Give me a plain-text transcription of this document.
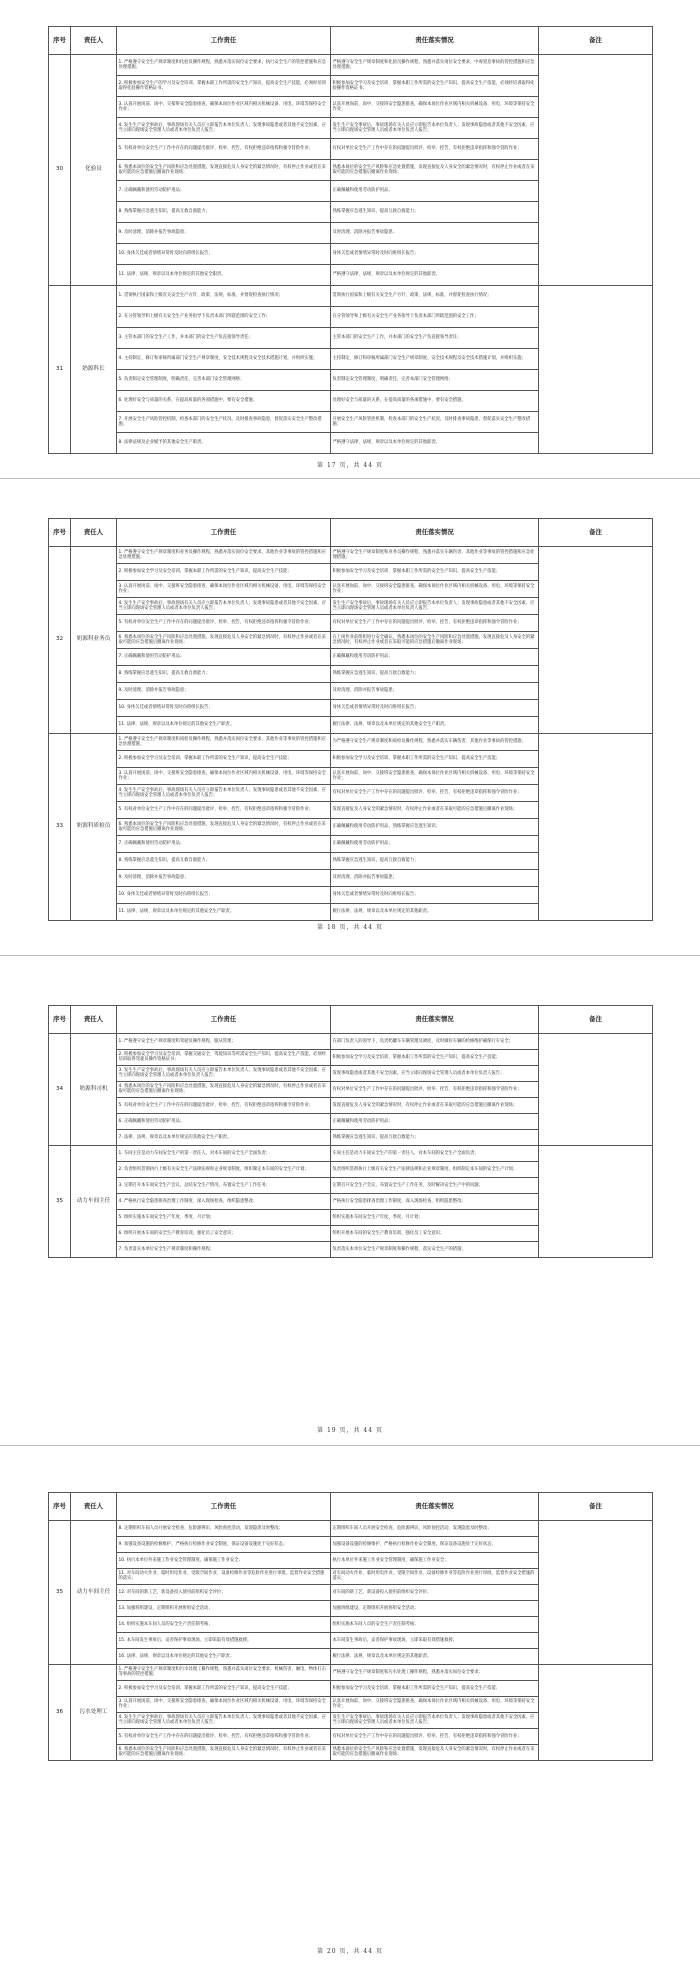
序号	责任人	工作责任	责任落实情况	备注
30	化验员	1. 严格遵守安全生产规章制度和化验员操作规程，熟悉并落实岗位安全要求，执行安全生产的管控措施和应急处理措施；	严格遵守安全生产规章制度和化验员操作规程，熟悉并落实岗位安全要求，中毒窒息事故的管控措施和应急处理措施；	
		2. 积极参加安全生产的学习及安全培训，掌握本职工作所需的安全生产知识，提高安全生产技能，必须经培训取得化验操作资格证书；	积极参加安全学习及安全培训，掌握本职工作所需的安全生产知识，提高安全生产技能，必须经培训取得化验操作资格证书；	
		3. 认真开展岗前、岗中、交接班安全隐患排查，确保本岗位作业区域内相关机械设备、用电、环境等保持安全作业；	认真开展岗前、岗中、交接班安全隐患排查，确保本岗位作业区域内相关机械设备、用电、环境等保持安全作业；	
		4. 发生生产安全事故后，事故现场有关人员应立即报告本单位负责人；发现事故隐患或者其他不安全因素，应当立即向现场安全管理人员或者本单位负责人报告；	发生生产安全事故后，事故现场有关人员应立即报告本单位负责人；发现事故隐患或者其他不安全因素，应当立即向现场安全管理人员或者本单位负责人报告；	
		5. 有权对单位安全生产工作中存在的问题提出批评、检举、控告，有权拒绝违章指挥和强令冒险作业；	有权对单位安全生产工作中存在的问题提出批评、检举、控告，有权拒绝违章指挥和强令冒险作业；	
		6. 熟悉本岗位的安全生产风险和应急处置措施，发现直接危及人身安全的紧急情况时，有权停止作业或者在采取可能的应急措施后撤离作业现场；	熟悉本岗位的安全生产风险和应急处置措施，发现直接危及人身安全的紧急情况时，有权停止作业或者在采取可能的应急措施后撤离作业现场；	
		7. 正确佩戴和使用劳动防护用品；	正确佩戴和使用劳动防护用品；	
		8. 熟练掌握应急逃生知识，提高互救自救能力；	熟练掌握应急逃生知识，提高互救自救能力；	
		9. 及时清理、消除并报告事故隐患；	及时清理、消除并报告事故隐患；	
		10. 身体欠佳或者情绪异常时及时向班组长报告；	身体欠佳或者情绪异常时及时向班组长报告；	
		11. 法律、法规、规章以及本单位规定的其他安全职责。	严格遵守法律、法规、规章以及本单位规定的其他职责。	
31	奶源科长	1. 贯彻执行国家和上级有关安全生产方针、政策、法规、标准，并督促检查执行情况；	贯彻执行国家和上级有关安全生产方针、政策、法规、标准，并督促检查执行情况；	
		2. 在分管领导和上级有关安全生产业务指导下负责本部门所辖范围的安全工作；	在分管领导和上级有关安全生产业务指导下负责本部门所辖范围的安全工作；	
		3. 主管本部门的安全生产工作，并本部门的安全生产负直接领导责任；	主管本部门的安全生产工作，并本部门的安全生产负直接领导责任；	
		4. 主持制定、修订和审核所属部门安全生产规章制度、安全技术规程及安全技术措施计划，并组织实施；	主持制定、修订和审核所属部门安全生产规章制度、安全技术规程及安全技术措施计划，并组织实施；	
		5. 负责制定安全管理制度，明确责任，完善本部门安全管理网络；	负责制定安全管理制度，明确责任，完善本部门安全管理网络；	
		6. 处理好安全与质量的关系，在提高质量的各项措施中，要有安全措施；	处理好安全与质量的关系，在提高质量的各项措施中，要有安全措施；	
		7. 开展安全生产风险管控机制，检查本部门的安全生产状况，及时排查事故隐患，督促落实安全生产整改措施；	开展安全生产风险管控机制，检查本部门的安全生产状况，及时排查事故隐患，督促落实安全生产整改措施；	
		8. 法律法规及企业赋予的其他安全生产职责。	严格遵守法律、法规、规章以及本单位规定的其他职责。	
第 17 页，共 44 页
序号	责任人	工作责任	责任落实情况	备注
32	奶源科业务员	1. 严格遵守安全生产规章制度和业务员操作规程，熟悉并落实岗位安全要求，其他作业等事故的管控措施和应急处理措施；	严格遵守安全生产规章制度和业务员操作规程，熟悉并落实车辆伤害、其他作业等事故的管控措施和应急处理措施；	
		2. 积极参加安全学习及安全培训，掌握本职工作所需的安全生产知识，提高安全生产技能；	积极参加安全学习及安全培训，掌握本职工作所需的安全生产知识，提高安全生产技能；	
		3. 认真开展岗前、岗中、交接班安全隐患排查，确保本岗位作业区域内相关机械设备、用电、环境等保持安全作业；	认真开展岗前、岗中、交接班安全隐患排查，确保本岗位作业区域内相关机械设备、用电、环境等保持安全作业；	
		4. 发生生产安全事故后，事故现场有关人员应立即报告本单位负责人；发现事故隐患或者其他不安全因素，应当立即向现场安全管理人员或者本单位负责人报告；	发生生产安全事故后，事故现场有关人员应立即报告本单位负责人；发现事故隐患或者其他不安全因素，应当立即向现场安全管理人员或者本单位负责人报告；	
		5. 有权对单位安全生产工作中存在的问题提出批评、检举、控告，有权拒绝违章指挥和强令冒险作业；	有权对单位安全生产工作中存在的问题提出批评、检举、控告，有权拒绝违章指挥和强令冒险作业；	
		6. 熟悉本岗位的安全生产风险和应急处置措施，发现直接危及人身安全的紧急情况时，有权停止作业或者在采取可能的应急措施后撤离作业现场；	在上岗作业前组织进行安全确认，熟悉本岗位的安全生产风险和应急处置措施，发现直接危及人身安全的紧急情况时，有权停止作业或者在采取可能的应急措施后撤离作业现场；	
		7. 正确佩戴和使用劳动防护用品；	正确佩戴和使用劳动防护用品；	
		8. 熟练掌握应急逃生知识，提高互救自救能力；	熟练掌握应急逃生知识，提高互救自救能力；	
		9. 及时清理、消除并报告事故隐患；	及时清理、消除并报告事故隐患；	
		10. 身体欠佳或者情绪异常时及时向班组长报告；	身体欠佳或者情绪异常时及时向班组长报告；	
		11. 法律、法规、规章以及本单位规定的其他安全生产职责。	履行法律、法规、规章以及本单位规定的其他安全生产职责。	
33	奶源科质检员	1. 严格遵守安全生产规章制度和质检员操作规程，熟悉并落实岗位安全要求，其他作业等事故的管控措施和应急处理措施；	为严格遵守安全生产规章制度和质检员操作规程，熟悉并落实车辆伤害、其他作业等事故的管控措施；	
		2. 积极参加安全学习及安全培训，掌握本职工作所需的安全生产知识，提高安全生产技能；	积极参加安全学习及安全培训，掌握本职工作所需的安全生产知识，提高安全生产技能；	
		3. 认真开展岗前、岗中、交接班安全隐患排查，确保本岗位作业区域内相关机械设备、用电、环境等保持安全作业；	认真开展岗前、岗中、交接班安全隐患排查，确保本岗位作业区域内相关机械设备、用电、环境等保持安全作业；	
		4. 发生生产安全事故后，事故现场有关人员应立即报告本单位负责人；发现事故隐患或者其他不安全因素，应当立即向现场安全管理人员或者本单位负责人报告；	有权对单位安全生产工作中存在的问题提出批评、检举、控告，有权拒绝违章指挥和强令冒险作业；	
		5. 有权对单位安全生产工作中存在的问题提出批评、检举、控告，有权拒绝违章指挥和强令冒险作业；	发现直接危及人身安全的紧急情况时，有权停止作业或者在采取可能的应急措施后撤离作业现场；	
		6. 熟悉本岗位的安全生产风险和应急处置措施，发现直接危及人身安全的紧急情况时，有权停止作业或者在采取可能的应急措施后撤离作业现场；	正确佩戴和使用劳动防护用品，熟练掌握应急逃生知识；	
		7. 正确佩戴和使用劳动防护用品；	正确佩戴和使用劳动防护用品；	
		8. 熟练掌握应急逃生知识，提高互救自救能力；	熟练掌握应急逃生知识，提高互救自救能力；	
		9. 及时清理、消除并报告事故隐患；	及时清理、消除并报告事故隐患；	
		10. 身体欠佳或者情绪异常时及时向班组长报告；	身体欠佳或者情绪异常时及时向班组长报告；	
		11. 法律、法规、规章以及本单位规定的其他安全生产职责。	履行法律、法规、规章以及本单位规定的其他职责。	
第 18 页，共 44 页
序号	责任人	工作责任	责任落实情况	备注
34	奶源科司机	1. 严格遵守安全生产规章制度和驾驶员操作规程，服从管理；	在部门负责人的领导下，负责奶罐车车辆管理及调度，及时做好车辆的检修维护确保行车安全；	
		2. 积极参加安全学习及安全培训，掌握交通安全、驾驶知识等所需安全生产知识，提高安全生产技能，必须经培训取得驾驶员操作资格证书；	积极参加安全学习及安全培训，掌握本职工作所需的安全生产知识，提高安全生产技能；	
		3. 发生生产安全事故后，事故现场有关人员应立即报告本单位负责人；发现事故隐患或者其他不安全因素，应当立即向现场安全管理人员或者本单位负责人报告；	发现事故隐患或者其他不安全因素，应当立即向现场安全管理人员或者本单位负责人报告；	
		4. 熟悉本岗位的安全生产风险和应急处置措施，发现直接危及人身安全的紧急情况时，有权停止作业或者在采取可能的应急措施后撤离作业现场；	有权对单位安全生产工作中存在的问题提出批评、检举、控告，有权拒绝违章指挥和强令冒险作业；	
		5. 有权对单位安全生产工作中存在的问题提出批评、检举、控告，有权拒绝违章指挥和强令冒险作业；	发现直接危及人身安全的紧急情况时，有权停止作业或者在采取可能的应急措施后撤离作业现场；	
		6. 正确佩戴和使用劳动防护用品；	正确佩戴和使用劳动防护用品；	
		7. 法律、法规、规章以及本单位规定的其他安全生产职责。	熟练掌握应急逃生知识，提高互救自救能力；	
35	动力车间主任	1. 车间主任是动力车间安全生产的第一责任人，对本车间的安全生产全面负责；	车间主任是动力车间安全生产的第一责任人，对本车间的安全生产全面负责；	
		2. 负责组织贯彻执行上级有关安全生产法律法规和企业规章制度，组织制定本车间的安全生产计划；	负责组织贯彻执行上级有关安全生产法律法规和企业规章制度，组织制定本车间的安全生产计划；	
		3. 定期召开本车间安全生产会议，总结安全生产情况，布置安全生产工作任务；	定期召开安全生产会议，布置安全生产工作任务，及时解决安全生产中的问题；	
		4. 严格执行安全隐患排查治理工作制度，深入现场检查，组织隐患整改；	严格执行安全隐患排查治理工作制度，深入现场检查，组织隐患整改；	
		5. 组织实施本车间安全生产年度、季度、月计划；	组织实施本车间安全生产年度、季度、月计划；	
		6. 组织开展本车间的安全生产教育培训，强化员工安全意识；	组织开展本车间的安全生产教育培训，强化员工安全意识；	
		7. 负责落实本单位安全生产规章制度和操作规程；	负责落实本单位安全生产规章制度和操作规程，落实安全生产的措施；	
第 19 页，共 44 页
序号	责任人	工作责任	责任落实情况	备注
35	动力车间主任	8. 定期组织车间人员开展安全检查、危险源辨识、风险预控活动，发现隐患及时整改；	定期组织车间人员开展安全检查、危险源辨识、风险预控活动，发现隐患及时整改；	
		9. 加强设备设施的检修维护，严格执行检修作业安全制度，保证设备设施处于完好状态；	加强设备设施的检修维护，严格执行检修作业安全制度，保证设备设施处于完好状态；	
		10. 执行本单位外来施工作业安全管理制度，确保施工作业安全；	执行本单位外来施工作业安全管理制度，确保施工作业安全；	
		11. 对车间动火作业、临时用电作业、受限空间作业、设备检修作业等危险作业进行审批，监督作业安全措施的落实；	对车间动火作业、临时用电作业、受限空间作业、设备检修作业等危险作业进行审批，监督作业安全措施的落实；	
		12. 对车间的新工艺、新设备投入使用前组织安全评价；	对车间的新工艺、新设备投入使用前组织安全评价；	
		13. 加强班组建设，定期组织开展班组安全活动；	加强班组建设，定期组织开展班组安全活动；	
		14. 组织实施本车间人员的安全生产责任制考核；	组织实施本车间人员的安全生产责任制考核；	
		15. 本车间发生事故后，妥善保护事故现场，立即采取有效措施救援；	本车间发生事故后，妥善保护事故现场，立即采取有效措施救援；	
		16. 法律、法规、规章以及本单位规定的其他安全生产职责。	履行法律、法规、规章以及本单位规定的其他职责。	
36	污水处理工	1. 严格遵守安全生产规章制度和污水处理工操作规程，熟悉并落实岗位安全要求，机械伤害、触电、物体打击等事故的管控措施；	严格遵守安全生产规章制度和污水处理工操作规程，熟悉并落实岗位安全要求；	
		2. 积极参加安全学习及安全培训，掌握本职工作所需的安全生产知识，提高安全生产技能；	积极参加安全学习及安全培训，掌握本职工作所需的安全生产知识，提高安全生产技能；	
		3. 认真开展岗前、岗中、交接班安全隐患排查，确保本岗位作业区域内相关机械设备、用电、环境等保持安全作业；	认真开展岗前、岗中、交接班安全隐患排查，确保本岗位作业区域内相关机械设备、用电、环境等保持安全作业；	
		4. 发生生产安全事故后，事故现场有关人员应立即报告本单位负责人；发现事故隐患或者其他不安全因素，应当立即向现场安全管理人员或者本单位负责人报告；	发生生产安全事故后，事故现场有关人员应立即报告本单位负责人；发现事故隐患或者其他不安全因素，应当立即向现场安全管理人员或者本单位负责人报告；	
		5. 有权对单位安全生产工作中存在的问题提出批评、检举、控告，有权拒绝违章指挥和强令冒险作业；	有权对单位安全生产工作中存在的问题提出批评、检举、控告，有权拒绝违章指挥和强令冒险作业；	
		6. 熟悉本岗位的安全生产风险和应急处置措施，发现直接危及人身安全的紧急情况时，有权停止作业或者在采取可能的应急措施后撤离作业现场；	熟悉本岗位的安全生产风险和应急处置措施，发现直接危及人身安全的紧急情况时，有权停止作业或者在采取可能的应急措施后撤离作业现场；	
第 20 页，共 44 页
